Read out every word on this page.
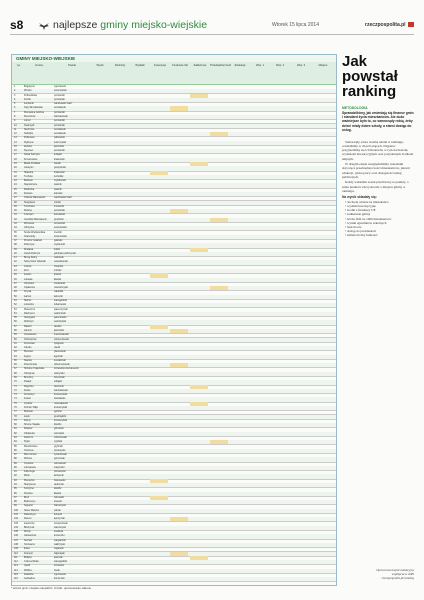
s8	najlepsze gminy miejsko-wiejskie	Wtorek 15 lipca 2014	rzeczpospolita.pl
GMINY MIEJSKO-WIEJSKIE
Lp.	Gmina	Powiat	Wynik	Dochody	Wydatki	Inwestycje	Fundusze UE	Zadłużenie	Przedsiębiorczość	Edukacja	Wsp. 1	Wsp. 2	Wsp. 3	Miejsce
1	Bogatynia	zgorzelecki
2	Wronki	szamotulski
3	Pobiedziska	poznański
4	Kórnik	poznański
5	Łomianki	warszawski zach.
6	Kąty Wrocławskie	wrocławski
7	Murowana Goślina	poznański
8	Kleszczów	bełchatowski
9	Luboń	poznański
10	Swarzędz	poznański
11	Siechnice	wrocławski
12	Sobótka	wrocławski
13	Polkowice	polkowicki
14	Rydzyna	leszczyński
15	Żerków	jarociński
16	Stęszew	poznański
17	Nowa Sarzyna	leżajski
18	Krzeszowice	krakowski
19	Bielsk Podlaski	bielski
20	Gostynin	gostyniński
21	Skawina	krakowski
22	Tuchola	tucholski
23	Barlinek	myśliborski
24	Niepołomice	wielicki
25	Wieliczka	wielicki
26	Żukowo	kartuski
27	Ożarów Mazowiecki	warszawski zach.
28	Sulejówek	miński
29	Trzebnica	trzebnicki
30	Mosina	poznański
31	Czempiń	kościański
32	Grodzisk Mazowiecki	grodziski
33	Września	wrzesiński
34	Obrzycko	szamotulski
35	Środa Wielkopolska	średzki
36	Szamotuły	szamotulski
37	Pruszcz Gdański	gdański
38	Dobczyce	myślenicki
39	Kłodawa	kolski
40	Golub-Dobrzyń	golubsko-dobrzyński
41	Brzeg Dolny	wołowski
42	Nowy Dwór Gdański	nowodworski
43	Czersk	chojnicki
44	Żnin	żniński
45	Łowicz	łowicki
46	Lubawa	iławski
47	Chodzież	chodzieski
48	Opalenica	nowotomyski
49	Kcynia	nakielski
50	Łańcut	łańcucki
51	Skórcz	starogardzki
52	Lubartów	lubartowski
53	Piaseczno	piaseczyński
54	Radzymin	wołomiński
55	Nowogard	goleniowski
56	Wolsztyn	wolsztyński
57	Rawicz	rawicki
58	Jarocin	jarociński
59	Gniewkowo	inowrocławski
60	Ostrzeszów	ostrzeszowski
61	Koronowo	bydgoski
62	Olecko	olecki
63	Pleszew	pleszewski
64	Kępno	kępiński
65	Sianów	koszaliński
66	Dzierżoniów	dzierżoniowski
67	Strzelce Krajeńskie	strzelecko-drezdenecki
68	Olsztynek	olsztyński
69	Brzeziny	brzeziński
70	Pasłęk	elbląski
71	Rogoźno	obornicki
72	Zelów	bełchatowski
73	Krotoszyn	krotoszyński
74	Kowal	włocławski
75	Grybów	nowosądecki
76	Koźmin Wlkp.	krotoszyński
77	Bobowa	gorlicki
78	Łasin	grudziądzki
79	Zduny	krotoszyński
80	Stronie Śląskie	kłodzki
81	Wąsosz	górowski
82	Odolanów	ostrowski
83	Debrzno	człuchowski
84	Rypin	rypiński
85	Mieszkowice	gryfiński
86	Chorzele	przasnyski
87	Mszczonów	żyrardowski
88	Witnica	gorzowski
89	Ćmielów	ostrowiecki
90	Lubniewice	sulęciński
91	Kańczuga	przeworski
92	Mirsk	lwówecki
93	Pieniężno	braniewski
94	Skaryszew	radomski
95	Szczytna	kłodzki
96	Kisielice	iławski
97	Brok	ostrowski
98	Bodzentyn	kielecki
99	Sępopol	bartoszycki
100	Nowe Warpno	policki
101	Radoszyce	konecki
102	Reszel	kętrzyński
103	Łaszczów	tomaszowski
104	Bisztynek	bartoszycki
105	Mordy	siedlecki
106	Głowaczów	kozienicki
107	Suchań	stargardzki
108	Szczawno	wałbrzyski
109	Iłowa	żagański
110	Frampol	biłgorajski
111	Bolków	jaworski
112	Czarna Woda	starogardzki
113	Ujazd	strzelecki
114	Wiślica	buski
115	Zawidów	zgorzelecki
116	Jedwabne	łomżyński
* wśród gmin miejsko-wiejskich; źródło: opracowanie własne
Jak powstał ranking
METODOLOGIA
Sprawdziliśmy, jak zmieniają się finanse gmin i standard życia mieszkańców. Ale dużo ważniejsze było to, co samorządy robią, żeby dzieci miały dobre szkoły, a starsi dostęp do usług.

Samorządy, które wezmą udział w rankingu, ocenialiśmy w dwóch etapach. Najpierw przyjrzeliśmy się ich finansom, w tym dochodom, wydatkom inwestycyjnym oraz pozyskanym środkom unijnym.

W drugim etapie uwzględniliśmy wskaźniki dotyczące przedsiębiorczości mieszkańców, jakości edukacji, rynku pracy oraz dostępności usług publicznych.

Każdy wskaźnik został przeliczony na punkty, a suma punktów zdecydowała o miejscu gminy w rankingu.

Na wynik składały się:
• dochody własne na mieszkańca
• wydatki inwestycyjne
• środki z funduszy UE
• zadłużenie gminy
• liczba firm na 1000 mieszkańców
• wyniki egzaminów szkolnych
• bezrobocie
• dostęp do przedszkoli
• zmiana liczby ludności
Opracował zespół redakcyjny
współpraca: KRS
rzeczpospolita.pl/ranking
